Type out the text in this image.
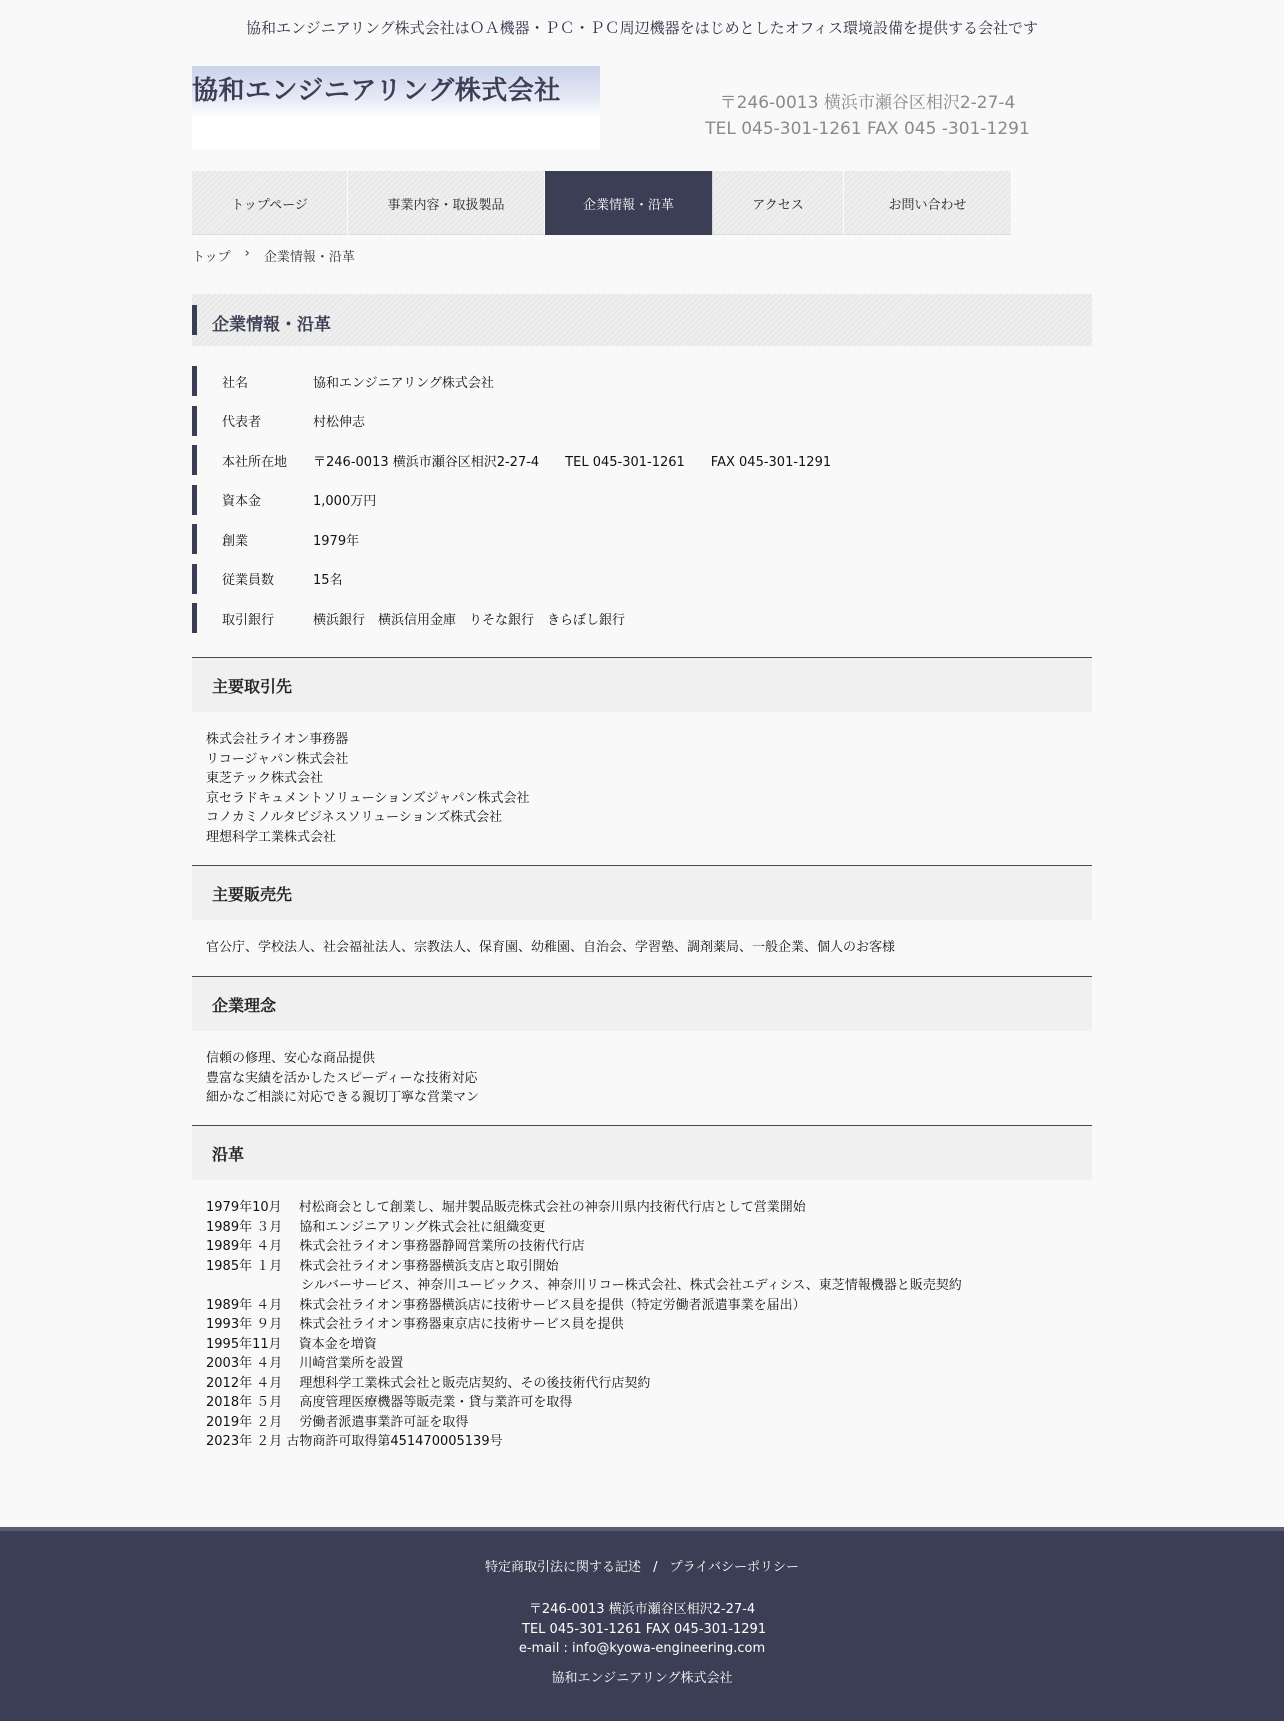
協和エンジニアリング株式会社はＯＡ機器・ＰＣ・ＰＣ周辺機器をはじめとしたオフィス環境設備を提供する会社です
協和エンジニアリング株式会社	〒246-0013 横浜市瀬谷区相沢2-27-4
TEL 045-301-1261 FAX 045 -301-1291
トップページ	事業内容・取扱製品	企業情報・沿革	アクセス	お問い合わせ
トップ › 企業情報・沿革
企業情報・沿革
社名	協和エンジニアリング株式会社
代表者	村松伸志
本社所在地 〒246-0013 横浜市瀬谷区相沢2-27-4　　TEL 045-301-1261　　FAX 045-301-1291
資本金	1,000万円
創業	1979年
従業員数	15名
取引銀行	横浜銀行　横浜信用金庫　りそな銀行　きらぼし銀行
主要取引先
株式会社ライオン事務器
リコージャパン株式会社
東芝テック株式会社
京セラドキュメントソリューションズジャパン株式会社
コノカミノルタビジネスソリューションズ株式会社
理想科学工業株式会社
主要販売先
官公庁、学校法人、社会福祉法人、宗教法人、保育園、幼稚園、自治会、学習塾、調剤薬局、一般企業、個人のお客様
企業理念
信頼の修理、安心な商品提供
豊富な実績を活かしたスピーディーな技術対応
細かなご相談に対応できる親切丁寧な営業マン
沿革
1979年10月　 村松商会として創業し、堀井製品販売株式会社の神奈川県内技術代行店として営業開始
1989年 ３月　 協和エンジニアリング株式会社に組織変更
1989年 ４月　 株式会社ライオン事務器静岡営業所の技術代行店
1985年 １月　 株式会社ライオン事務器横浜支店と取引開始
　　　　　　　 シルバーサービス、神奈川ユービックス、神奈川リコー株式会社、株式会社エディシス、東芝情報機器と販売契約
1989年 ４月　 株式会社ライオン事務器横浜店に技術サービス員を提供（特定労働者派遣事業を届出）
1993年 ９月　 株式会社ライオン事務器東京店に技術サービス員を提供
1995年11月　 資本金を増資
2003年 ４月　 川崎営業所を設置
2012年 ４月　 理想科学工業株式会社と販売店契約、その後技術代行店契約
2018年 ５月　 高度管理医療機器等販売業・貸与業許可を取得
2019年 ２月　 労働者派遣事業許可証を取得
2023年 ２月 古物商許可取得第451470005139号
特定商取引法に関する記述 / プライバシーポリシー
〒246-0013 横浜市瀬谷区相沢2-27-4
TEL 045-301-1261 FAX 045-301-1291
e-mail : info@kyowa-engineering.com
協和エンジニアリング株式会社
